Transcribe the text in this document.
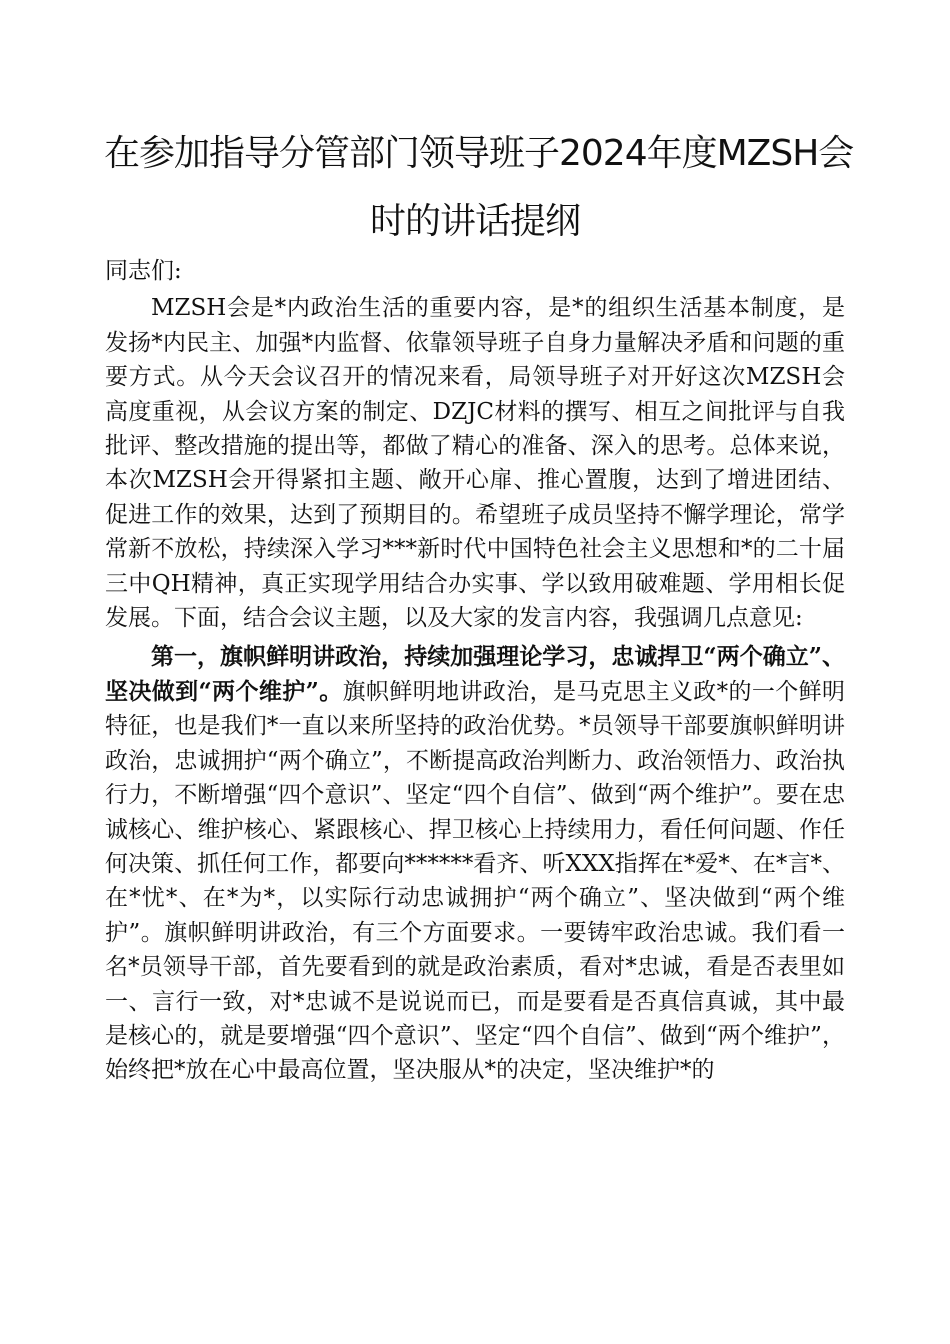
在参加指导分管部门领导班子2024年度MZSH会
时的讲话提纲

同志们:

MZSH会是*内政治生活的重要内容，是*的组织生活基本制度，是发扬*内民主、加强*内监督、依靠领导班子自身力量解决矛盾和问题的重要方式。从今天会议召开的情况来看，局领导班子对开好这次MZSH会高度重视，从会议方案的制定、DZJC材料的撰写、相互之间批评与自我批评、整改措施的提出等，都做了精心的准备、深入的思考。总体来说，本次MZSH会开得紧扣主题、敞开心扉、推心置腹，达到了增进团结、促进工作的效果，达到了预期目的。希望班子成员坚持不懈学理论，常学常新不放松，持续深入学习***新时代中国特色社会主义思想和*的二十届三中QH精神，真正实现学用结合办实事、学以致用破难题、学用相长促发展。下面，结合会议主题，以及大家的发言内容，我强调几点意见:

第一，旗帜鲜明讲政治，持续加强理论学习，忠诚捍卫“两个确立”、坚决做到“两个维护”。旗帜鲜明地讲政治，是马克思主义政*的一个鲜明特征，也是我们*一直以来所坚持的政治优势。*员领导干部要旗帜鲜明讲政治，忠诚拥护“两个确立”，不断提高政治判断力、政治领悟力、政治执行力，不断增强“四个意识”、坚定“四个自信”、做到“两个维护”。要在忠诚核心、维护核心、紧跟核心、捍卫核心上持续用力，看任何问题、作任何决策、抓任何工作，都要向******看齐、听XXX指挥在*爱*、在*言*、在*忧*、在*为*，以实际行动忠诚拥护“两个确立”、坚决做到“两个维护”。旗帜鲜明讲政治，有三个方面要求。一要铸牢政治忠诚。我们看一名*员领导干部，首先要看到的就是政治素质，看对*忠诚，看是否表里如一、言行一致，对*忠诚不是说说而已，而是要看是否真信真诚，其中最是核心的，就是要增强“四个意识”、坚定“四个自信”、做到“两个维护”，始终把*放在心中最高位置，坚决服从*的决定，坚决维护*的
